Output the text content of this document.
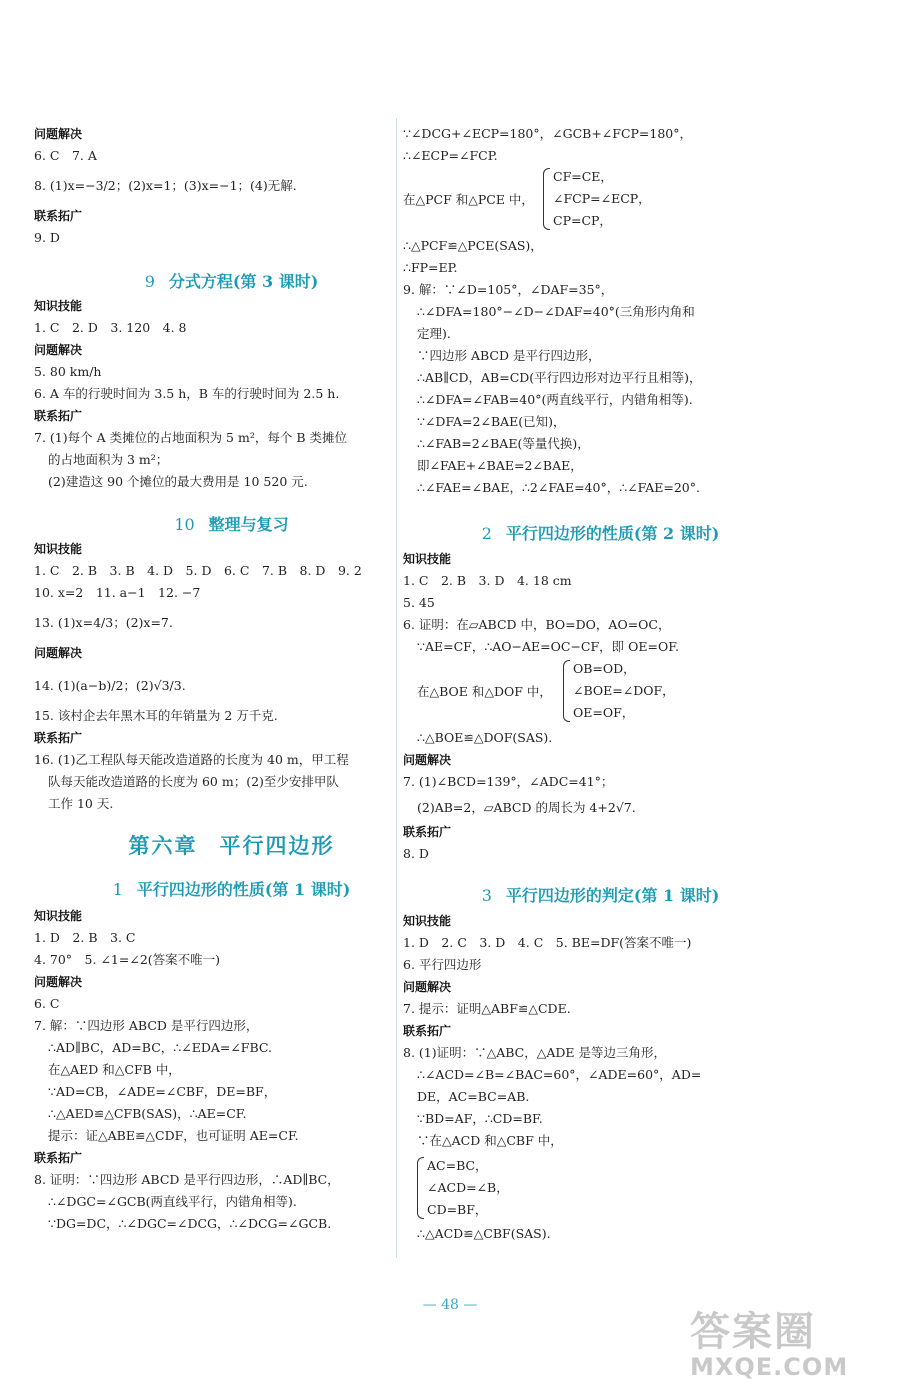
问题解决
6. C　7. A
8. (1)x=−3/2；(2)x=1；(3)x=−1；(4)无解.
联系拓广
9. D
9 分式方程(第 3 课时)
知识技能
1. C　2. D　3. 120　4. 8
问题解决
5. 80 km/h
6. A 车的行驶时间为 3.5 h，B 车的行驶时间为 2.5 h.
联系拓广
7. (1)每个 A 类摊位的占地面积为 5 m²，每个 B 类摊位
的占地面积为 3 m²；
(2)建造这 90 个摊位的最大费用是 10 520 元.
10 整理与复习
知识技能
1. C　2. B　3. B　4. D　5. D　6. C　7. B　8. D　9. 2
10. x=2　11. a−1　12. −7
13. (1)x=4/3；(2)x=7.
问题解决
14. (1)(a−b)/2；(2)√3/3.
15. 该村企去年黑木耳的年销量为 2 万千克.
联系拓广
16. (1)乙工程队每天能改造道路的长度为 40 m，甲工程
队每天能改造道路的长度为 60 m；(2)至少安排甲队
工作 10 天.
第六章 平行四边形
1 平行四边形的性质(第 1 课时)
知识技能
1. D　2. B　3. C
4. 70°　5. ∠1=∠2(答案不唯一)
问题解决
6. C
7. 解：∵四边形 ABCD 是平行四边形，
∴AD∥BC，AD=BC，∴∠EDA=∠FBC.
在△AED 和△CFB 中，
∵AD=CB，∠ADE=∠CBF，DE=BF，
∴△AED≌△CFB(SAS)，∴AE=CF.
提示：证△ABE≌△CDF，也可证明 AE=CF.
联系拓广
8. 证明：∵四边形 ABCD 是平行四边形，∴AD∥BC，
∴∠DGC=∠GCB(两直线平行，内错角相等).
∵DG=DC，∴∠DGC=∠DCG，∴∠DCG=∠GCB.
∵∠DCG+∠ECP=180°，∠GCB+∠FCP=180°，
∴∠ECP=∠FCP.
在△PCF 和△PCE 中，
CF=CE，
∠FCP=∠ECP，
CP=CP，
∴△PCF≌△PCE(SAS)，
∴FP=EP.
9. 解：∵∠D=105°，∠DAF=35°，
∴∠DFA=180°−∠D−∠DAF=40°(三角形内角和
定理).
∵四边形 ABCD 是平行四边形，
∴AB∥CD，AB=CD(平行四边形对边平行且相等)，
∴∠DFA=∠FAB=40°(两直线平行，内错角相等).
∵∠DFA=2∠BAE(已知)，
∴∠FAB=2∠BAE(等量代换)，
即∠FAE+∠BAE=2∠BAE，
∴∠FAE=∠BAE，∴2∠FAE=40°，∴∠FAE=20°.
2 平行四边形的性质(第 2 课时)
知识技能
1. C　2. B　3. D　4. 18 cm
5. 45
6. 证明：在▱ABCD 中，BO=DO，AO=OC，
∵AE=CF，∴AO−AE=OC−CF，即 OE=OF.
在△BOE 和△DOF 中，
OB=OD，
∠BOE=∠DOF，
OE=OF，
∴△BOE≌△DOF(SAS).
问题解决
7. (1)∠BCD=139°，∠ADC=41°；
(2)AB=2，▱ABCD 的周长为 4+2√7.
联系拓广
8. D
3 平行四边形的判定(第 1 课时)
知识技能
1. D　2. C　3. D　4. C　5. BE=DF(答案不唯一)
6. 平行四边形
问题解决
7. 提示：证明△ABF≌△CDE.
联系拓广
8. (1)证明：∵△ABC，△ADE 是等边三角形，
∴∠ACD=∠B=∠BAC=60°，∠ADE=60°，AD=
DE，AC=BC=AB.
∵BD=AF，∴CD=BF.
∵在△ACD 和△CBF 中，
AC=BC，
∠ACD=∠B，
CD=BF，
∴△ACD≌△CBF(SAS).
— 48 —
答案圈
MXQE.COM
